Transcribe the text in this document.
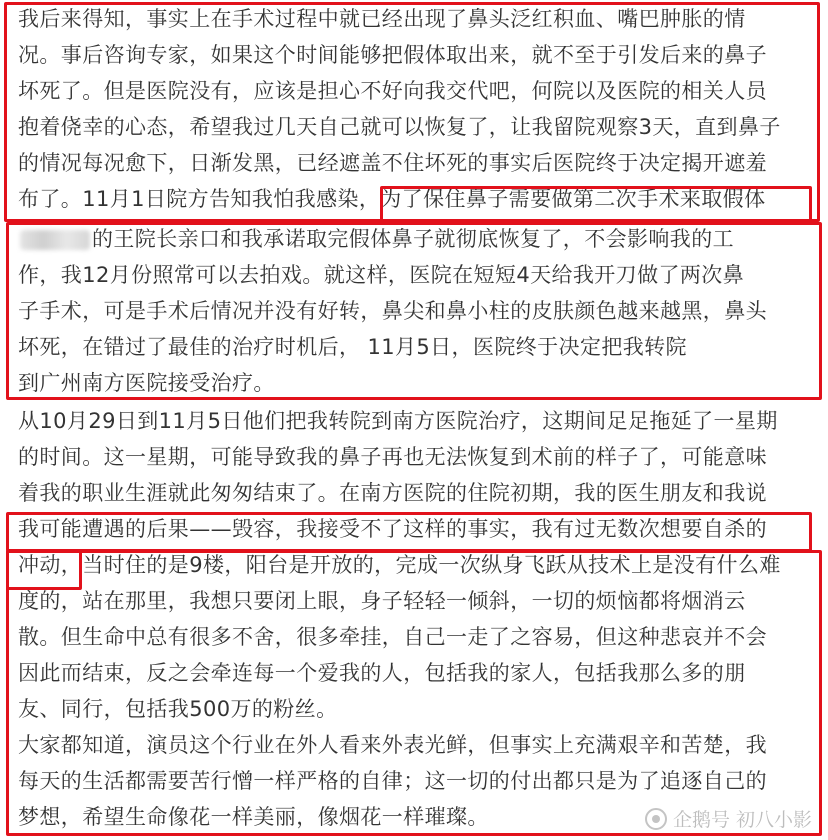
我后来得知，事实上在手术过程中就已经出现了鼻头泛红积血、嘴巴肿胀的情
况。事后咨询专家，如果这个时间能够把假体取出来，就不至于引发后来的鼻子
坏死了。但是医院没有，应该是担心不好向我交代吧，何院以及医院的相关人员
抱着侥幸的心态，希望我过几天自己就可以恢复了，让我留院观察3天，直到鼻子
的情况每况愈下，日渐发黑，已经遮盖不住坏死的事实后医院终于决定揭开遮羞
布了。11月1日院方告知我怕我感染，为了保住鼻子需要做第二次手术来取假体
的王院长亲口和我承诺取完假体鼻子就彻底恢复了，不会影响我的工
作，我12月份照常可以去拍戏。就这样，医院在短短4天给我开刀做了两次鼻
子手术，可是手术后情况并没有好转，鼻尖和鼻小柱的皮肤颜色越来越黑，鼻头
坏死，在错过了最佳的治疗时机后， 11月5日，医院终于决定把我转院
到广州南方医院接受治疗。
从10月29日到11月5日他们把我转院到南方医院治疗，这期间足足拖延了一星期
的时间。这一星期，可能导致我的鼻子再也无法恢复到术前的样子了，可能意味
着我的职业生涯就此匆匆结束了。在南方医院的住院初期，我的医生朋友和我说
我可能遭遇的后果——毁容，我接受不了这样的事实，我有过无数次想要自杀的
冲动，当时住的是9楼，阳台是开放的，完成一次纵身飞跃从技术上是没有什么难
度的，站在那里，我想只要闭上眼，身子轻轻一倾斜，一切的烦恼都将烟消云
散。但生命中总有很多不舍，很多牵挂，自己一走了之容易，但这种悲哀并不会
因此而结束，反之会牵连每一个爱我的人，包括我的家人，包括我那么多的朋
友、同行，包括我500万的粉丝。
大家都知道，演员这个行业在外人看来外表光鲜，但事实上充满艰辛和苦楚，我
每天的生活都需要苦行憎一样严格的自律；这一切的付出都只是为了追逐自己的
梦想，希望生命像花一样美丽，像烟花一样璀璨。	企鹅号 初八小影
